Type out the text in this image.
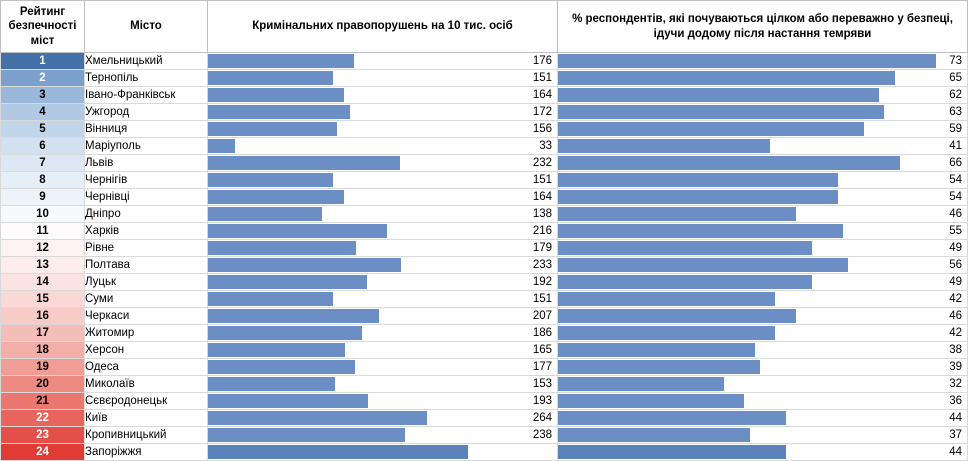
Рейтинг безпечності міст	Місто	Кримінальних правопорушень на 10 тис. осіб	% респондентів, які почуваються цілком або переважно у безпеці, ідучи додому після настання темряви
1	Хмельницький	176	73

2	Тернопіль	151	65

3	Івано-Франківськ	164	62

4	Ужгород	172	63

5	Вінниця	156	59

6	Маріуполь	33	41

7	Львів	232	66

8	Чернігів	151	54

9	Чернівці	164	54

10	Дніпро	138	46

11	Харків	216	55

12	Рівне	179	49

13	Полтава	233	56

14	Луцьк	192	49

15	Суми	151	42

16	Черкаси	207	46

17	Житомир	186	42

18	Херсон	165	38

19	Одеса	177	39

20	Миколаїв	153	32

21	Сєвєродонецьк	193	36

22	Київ	264	44

23	Кропивницький	238	37

24	Запоріжжя	314	44
